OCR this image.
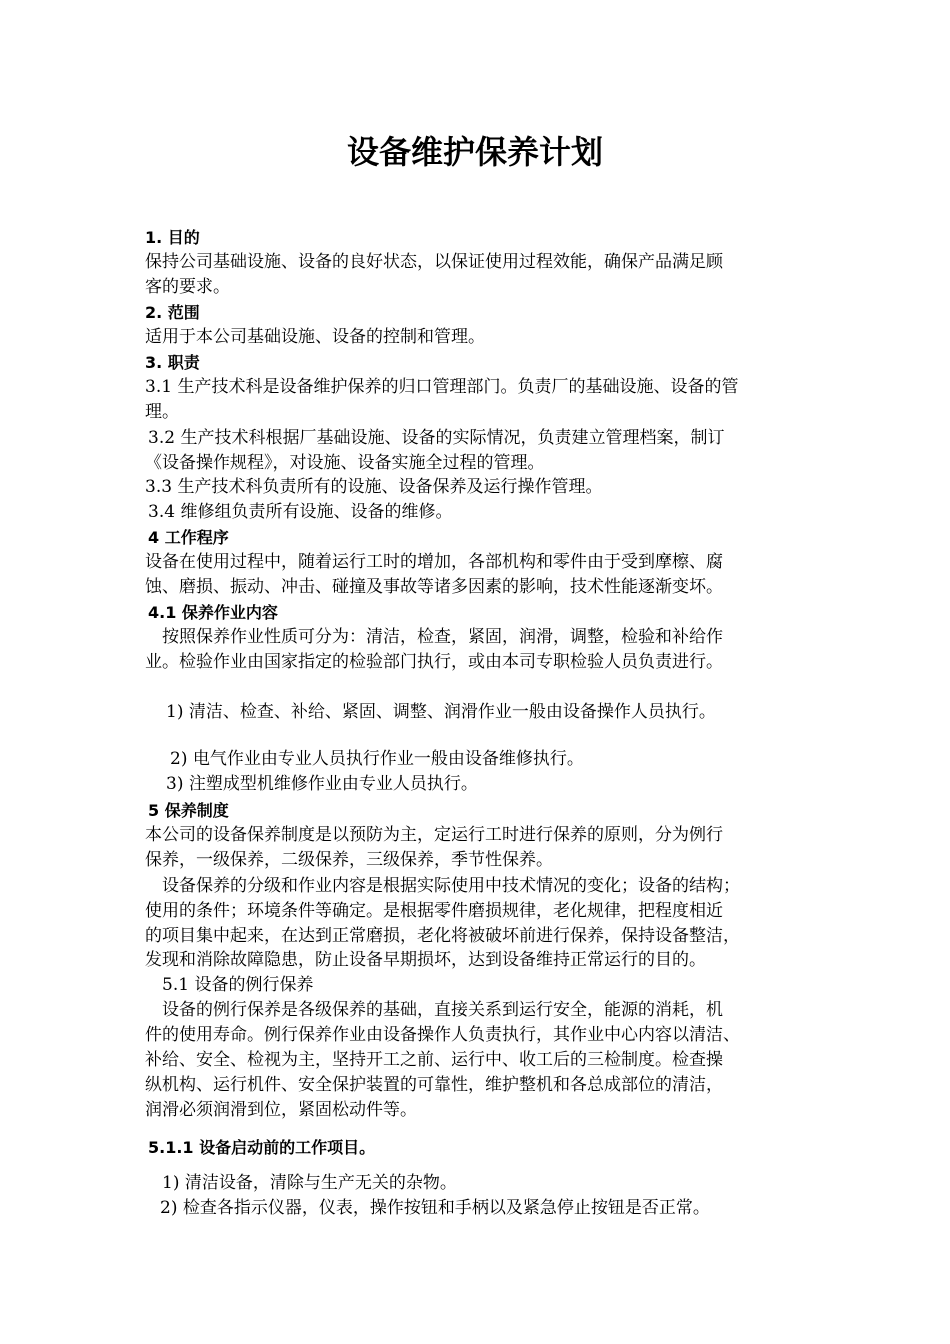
设备维护保养计划

1. 目的

保持公司基础设施、设备的良好状态，以保证使用过程效能，确保产品满足顾

客的要求。

2. 范围

适用于本公司基础设施、设备的控制和管理。

3. 职责

3.1 生产技术科是设备维护保养的归口管理部门。负责厂的基础设施、设备的管

理。

3.2 生产技术科根据厂基础设施、设备的实际情况，负责建立管理档案，制订

《设备操作规程》，对设施、设备实施全过程的管理。

3.3 生产技术科负责所有的设施、设备保养及运行操作管理。

3.4 维修组负责所有设施、设备的维修。

4 工作程序

设备在使用过程中，随着运行工时的增加，各部机构和零件由于受到摩檫、腐

蚀、磨损、振动、冲击、碰撞及事故等诸多因素的影响，技术性能逐渐变坏。

4.1 保养作业内容

按照保养作业性质可分为：清洁，检查，紧固，润滑，调整，检验和补给作

业。检验作业由国家指定的检验部门执行，或由本司专职检验人员负责进行。

1) 清洁、检查、补给、紧固、调整、润滑作业一般由设备操作人员执行。

2) 电气作业由专业人员执行作业一般由设备维修执行。

3) 注塑成型机维修作业由专业人员执行。

5 保养制度

本公司的设备保养制度是以预防为主，定运行工时进行保养的原则，分为例行

保养，一级保养，二级保养，三级保养，季节性保养。

设备保养的分级和作业内容是根据实际使用中技术情况的变化；设备的结构；

使用的条件；环境条件等确定。是根据零件磨损规律，老化规律，把程度相近

的项目集中起来，在达到正常磨损，老化将被破坏前进行保养，保持设备整洁，

发现和消除故障隐患，防止设备早期损坏，达到设备维持正常运行的目的。

5.1 设备的例行保养

设备的例行保养是各级保养的基础，直接关系到运行安全，能源的消耗，机

件的使用寿命。例行保养作业由设备操作人负责执行，其作业中心内容以清洁、

补给、安全、检视为主，坚持开工之前、运行中、收工后的三检制度。检查操

纵机构、运行机件、安全保护装置的可靠性，维护整机和各总成部位的清洁，

润滑必须润滑到位，紧固松动件等。

5.1.1 设备启动前的工作项目。

1) 清洁设备，清除与生产无关的杂物。

2) 检查各指示仪器，仪表，操作按钮和手柄以及紧急停止按钮是否正常。
